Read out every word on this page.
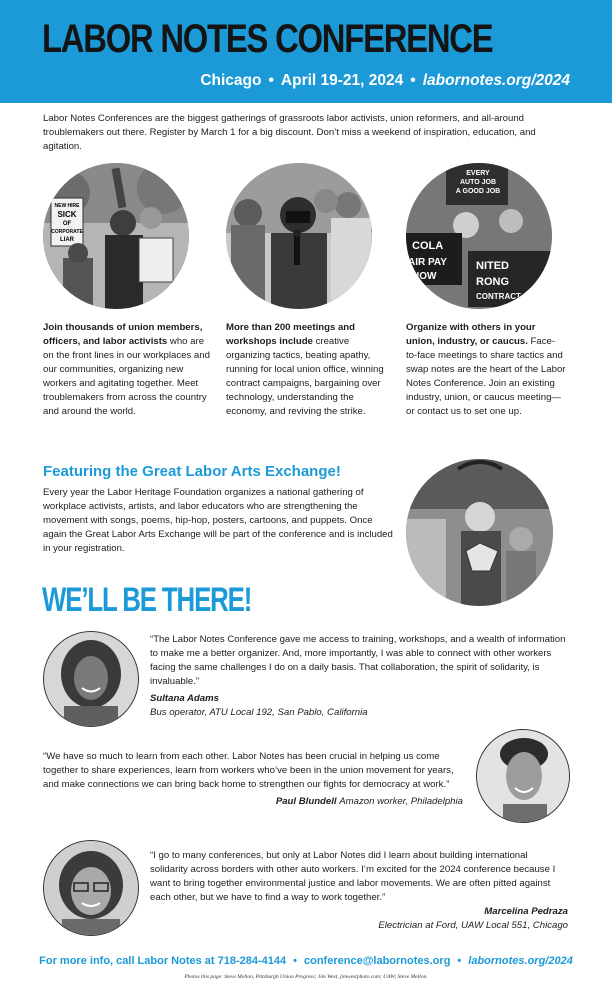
LABOR NOTES CONFERENCE
Chicago • April 19-21, 2024 • labornotes.org/2024
Labor Notes Conferences are the biggest gatherings of grassroots labor activists, union reformers, and all-around troublemakers out there. Register by March 1 for a big discount. Don’t miss a weekend of inspiration, education, and agitation.
NEW HIRE
SICK
OF
CORPORATE
LIAR
EVERY
AUTO JOB
A GOOD JOB
COLA
AIR PAY
NOW
NITED
RONG
CONTRACT
Join thousands of union members, officers, and labor activists who are on the front lines in our workplaces and our communities, organizing new workers and agitating together. Meet troublemakers from across the country and around the world.
More than 200 meetings and workshops include creative organizing tactics, beating apathy, running for local union office, winning contract campaigns, bargaining over technology, understanding the economy, and reviving the strike.
Organize with others in your union, industry, or caucus. Face-to-face meetings to share tactics and swap notes are the heart of the Labor Notes Conference. Join an existing industry, union, or caucus meeting—or contact us to set one up.
Featuring the Great Labor Arts Exchange!
Every year the Labor Heritage Foundation organizes a national gathering of workplace activists, artists, and labor educators who are strengthening the movement with songs, poems, hip-hop, posters, cartoons, and puppets. Once again the Great Labor Arts Exchange will be part of the conference and is included in your registration.
WE’LL BE THERE!
“The Labor Notes Conference gave me access to training, workshops, and a wealth of information to make me a better organizer. And, more importantly, I was able to connect with other workers facing the same challenges I do on a daily basis. That collaboration, the spirit of solidarity, is invaluable.”
Sultana Adams
Bus operator, ATU Local 192, San Pablo, California
“We have so much to learn from each other. Labor Notes has been crucial in helping us come together to share experiences, learn from workers who’ve been in the union movement for years, and make connections we can bring back home to strengthen our fights for democracy at work.”
Paul Blundell Amazon worker, Philadelphia
“I go to many conferences, but only at Labor Notes did I learn about building international solidarity across borders with other auto workers. I’m excited for the 2024 conference because I want to bring together environmental justice and labor movements. We are often pitted against each other, but we have to find a way to work together.”
Marcelina Pedraza
Electrician at Ford, UAW Local 551, Chicago
For more info, call Labor Notes at 718-284-4144 • conference@labornotes.org • labornotes.org/2024
Photos this page: Steve Mellon, Pittsburgh Union Progress; Jim West, jimwestphoto.com; UAW; Steve Mellon.
